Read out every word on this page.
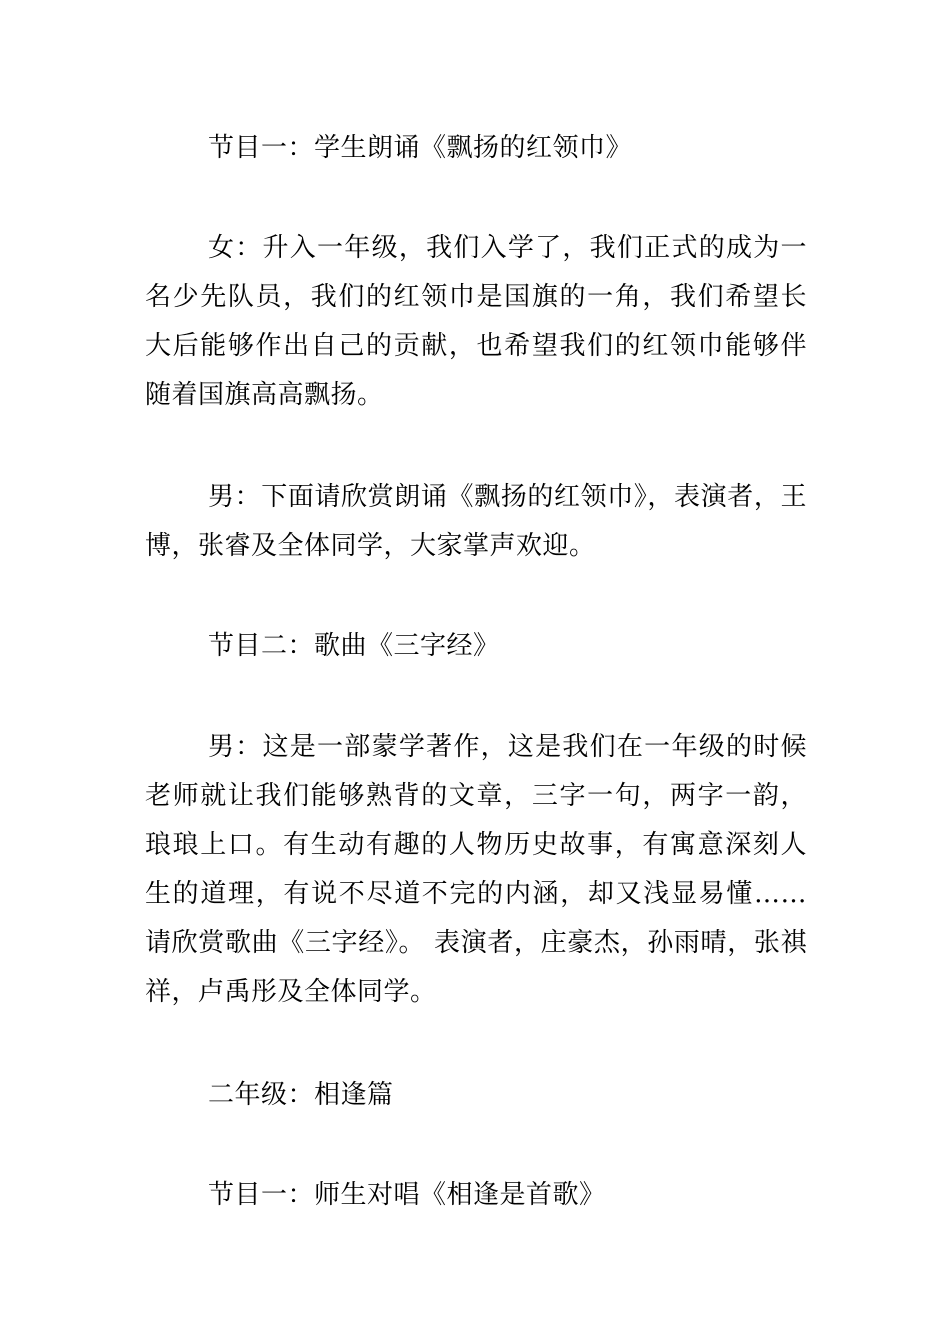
节目一：学生朗诵《飘扬的红领巾》

女：升入一年级，我们入学了，我们正式的成为一名少先队员，我们的红领巾是国旗的一角，我们希望长大后能够作出自己的贡献，也希望我们的红领巾能够伴随着国旗高高飘扬。

男：下面请欣赏朗诵《飘扬的红领巾》，表演者，王博，张睿及全体同学，大家掌声欢迎。

节目二：歌曲《三字经》

男：这是一部蒙学著作，这是我们在一年级的时候老师就让我们能够熟背的文章，三字一句，两字一韵，琅琅上口。有生动有趣的人物历史故事，有寓意深刻人生的道理，有说不尽道不完的内涵，却又浅显易懂……请欣赏歌曲《三字经》。 表演者，庄豪杰，孙雨晴，张祺祥，卢禹彤及全体同学。

二年级：相逢篇

节目一：师生对唱《相逢是首歌》
